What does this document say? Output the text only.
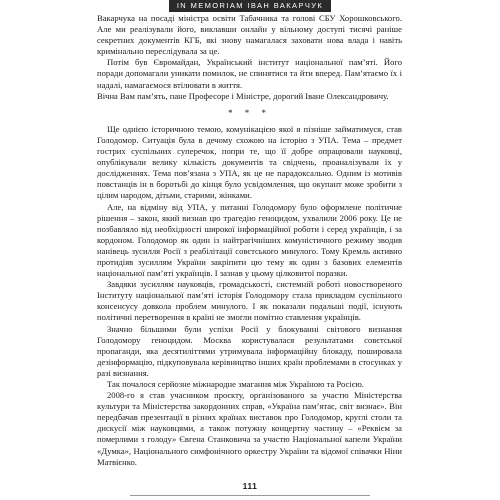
IN MEMORIAM ІВАН ВАКАРЧУК

Вакарчука на посаді міністра освіти Табачника та голові СБУ Хорошковського. Але ми реалізували його, виклавши онлайн у вільному доступі тисячі раніше секретних документів КГБ, які знову намагалася заховати нова влада і навіть кримінально переслідувала за це.

Потім був Євромайдан, Український інститут національної пам’яті. Його поради допомагали уникати помилок, не спинятися та йти вперед. Пам’ятаємо їх і надалі, намагаємося втілювати в життя.

Вічна Вам пам’ять, пане Професоре і Міністре, дорогий Іване Олександровичу.

* * *

Ще однією історичною темою, комунікацією якої я пізніше займатимуся, став Голодомор. Ситуація була в дечому схожою на історію з УПА. Тема – предмет гострих суспільних суперечок, попри те, що її добре опрацювали науковці, опублікували велику кількість документів та свідчень, проаналізували їх у дослідженнях. Тема пов’язана з УПА, як це не парадоксально. Одним із мотивів повстанців ін в боротьбі до кінця було усвідомлення, що окупант може зробити з цілим народом, дітьми, старими, жінками.

Але, на відміну від УПА, у питанні Голодомору було оформлене політичне рішення – закон, який визнав цю трагедію геноцидом, ухвалили 2006 року. Це не позбавляло від необхідності широкої інформаційної роботи і серед українців, і за кордоном. Голодомор як один із найтрагічніших комуністичного режиму зводив нанівець зусилля Росії з реабілітації совєтського минулого. Тому Кремль активно протидіяв зусиллям України закріпити цю тему як один з базових елементів національної пам’яті українців. І зазнав у цьому цілковитої поразки.

Завдяки зусиллям науковців, громадськості, системній роботі новоствореного Інституту національної пам’яті історія Голодомору стала прикладом суспільного консенсусу довкола проблем минулого. І як показали подальші події, існують політичні перетворення в країні не змогли помітно ставлення українців.

Значно більшими були успіхи Росії у блокуванні світового визнання Голодомору геноцидом. Москва користувалася результатами совєтської пропаганди, яка десятиліттями утримувала інформаційну блокаду, пошировала дезінформацію, підкуповувала керівництво інших країн проблемами в стосунках у разі визнання.

Так почалося серйозне міжнародне змагання між Україною та Росією.

2008-го я став учасником проєкту, організованого за участю Міністерства культури та Міністерства закордонних справ, «Україна пам’ятає, світ визнає». Він передбачав презентації в різних країнах виставок про Голодомор, круглі столи та дискусії між науковцями, а також потужну концертну частину – «Реквієм за померлими з голоду» Євгена Станковича за участю Національної капели України «Думка», Національного симфонічного оркестру України та відомої співачки Ніни Матвієнко.

111
